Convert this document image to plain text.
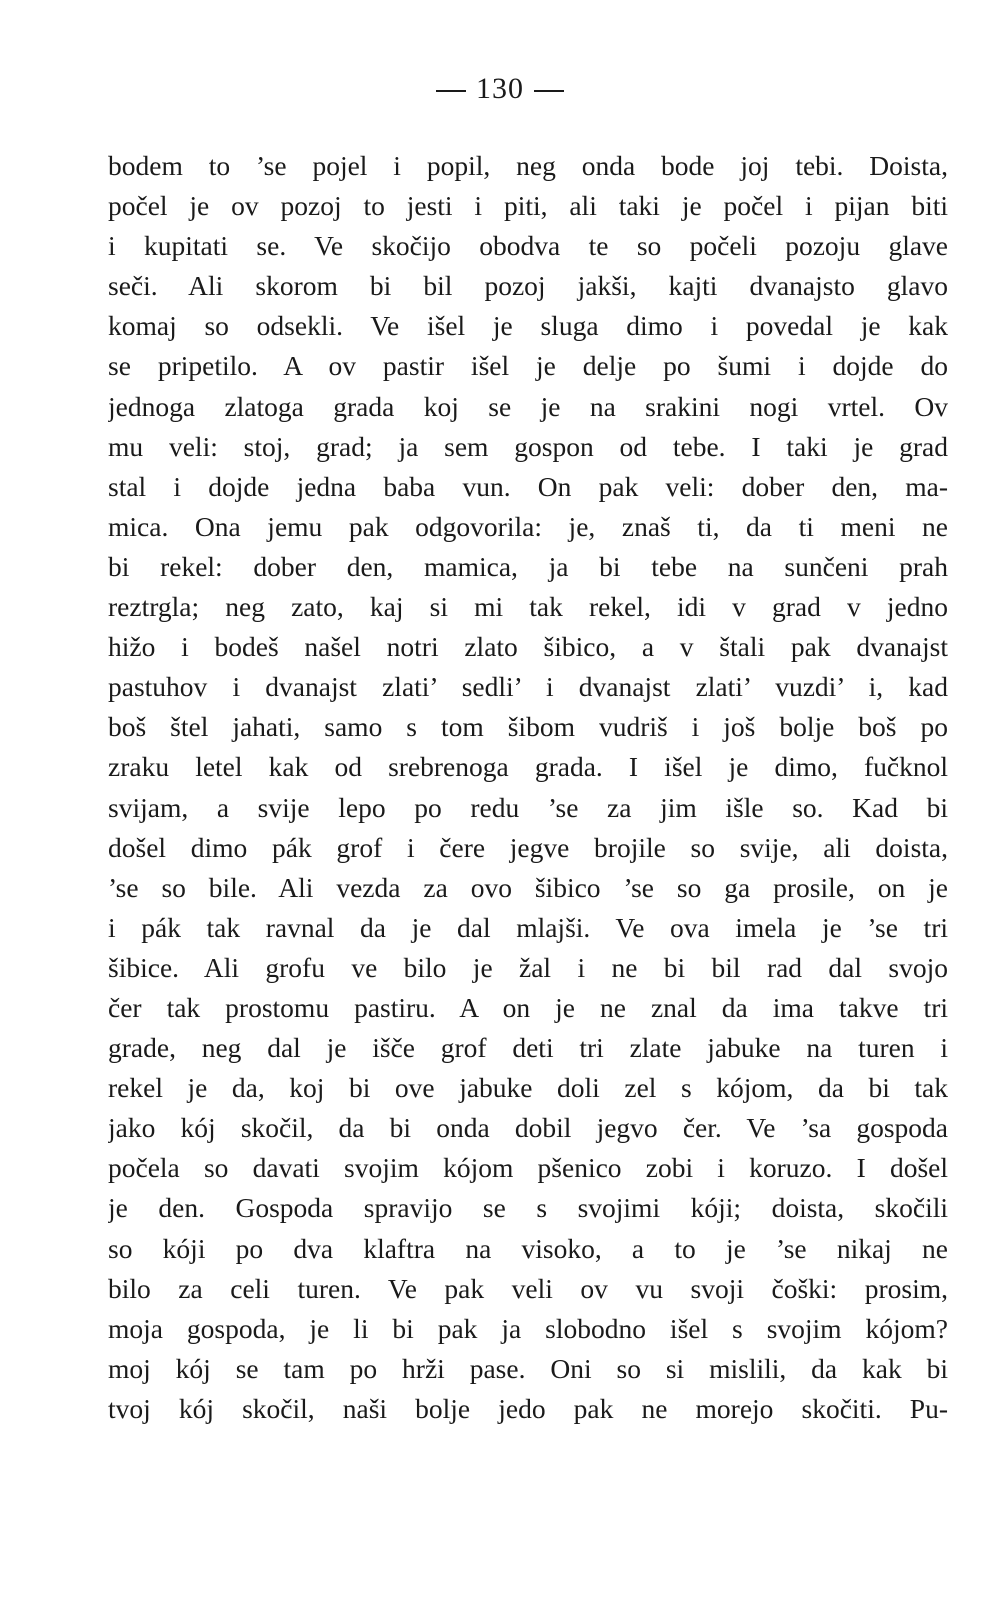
130
bodem to ’se pojel i popil, neg onda bode joj tebi. Doista,
počel je ov pozoj to jesti i piti, ali taki je počel i pijan biti
i kupitati se. Ve skočijo obodva te so počeli pozoju glave
seči. Ali skorom bi bil pozoj jakši, kajti dvanajsto glavo
komaj so odsekli. Ve išel je sluga dimo i povedal je kak
se pripetilo. A ov pastir išel je delje po šumi i dojde do
jednoga zlatoga grada koj se je na srakini nogi vrtel. Ov
mu veli: stoj, grad; ja sem gospon od tebe. I taki je grad
stal i dojde jedna baba vun. On pak veli: dober den, ma-
mica. Ona jemu pak odgovorila: je, znaš ti, da ti meni ne
bi rekel: dober den, mamica, ja bi tebe na sunčeni prah
reztrgla; neg zato, kaj si mi tak rekel, idi v grad v jedno
hižo i bodeš našel notri zlato šibico, a v štali pak dvanajst
pastuhov i dvanajst zlati’ sedli’ i dvanajst zlati’ vuzdi’ i, kad
boš štel jahati, samo s tom šibom vudriš i još bolje boš po
zraku letel kak od srebrenoga grada. I išel je dimo, fučknol
svijam, a svije lepo po redu ’se za jim išle so. Kad bi
došel dimo pák grof i čere jegve brojile so svije, ali doista,
’se so bile. Ali vezda za ovo šibico ’se so ga prosile, on je
i pák tak ravnal da je dal mlajši. Ve ova imela je ’se tri
šibice. Ali grofu ve bilo je žal i ne bi bil rad dal svojo
čer tak prostomu pastiru. A on je ne znal da ima takve tri
grade, neg dal je išče grof deti tri zlate jabuke na turen i
rekel je da, koj bi ove jabuke doli zel s kójom, da bi tak
jako kój skočil, da bi onda dobil jegvo čer. Ve ’sa gospoda
počela so davati svojim kójom pšenico zobi i koruzo. I došel
je den. Gospoda spravijo se s svojimi kóji; doista, skočili
so kóji po dva klaftra na visoko, a to je ’se nikaj ne
bilo za celi turen. Ve pak veli ov vu svoji čoški: prosim,
moja gospoda, je li bi pak ja slobodno išel s svojim kójom?
moj kój se tam po hrži pase. Oni so si mislili, da kak bi
tvoj kój skočil, naši bolje jedo pak ne morejo skočiti. Pu-
